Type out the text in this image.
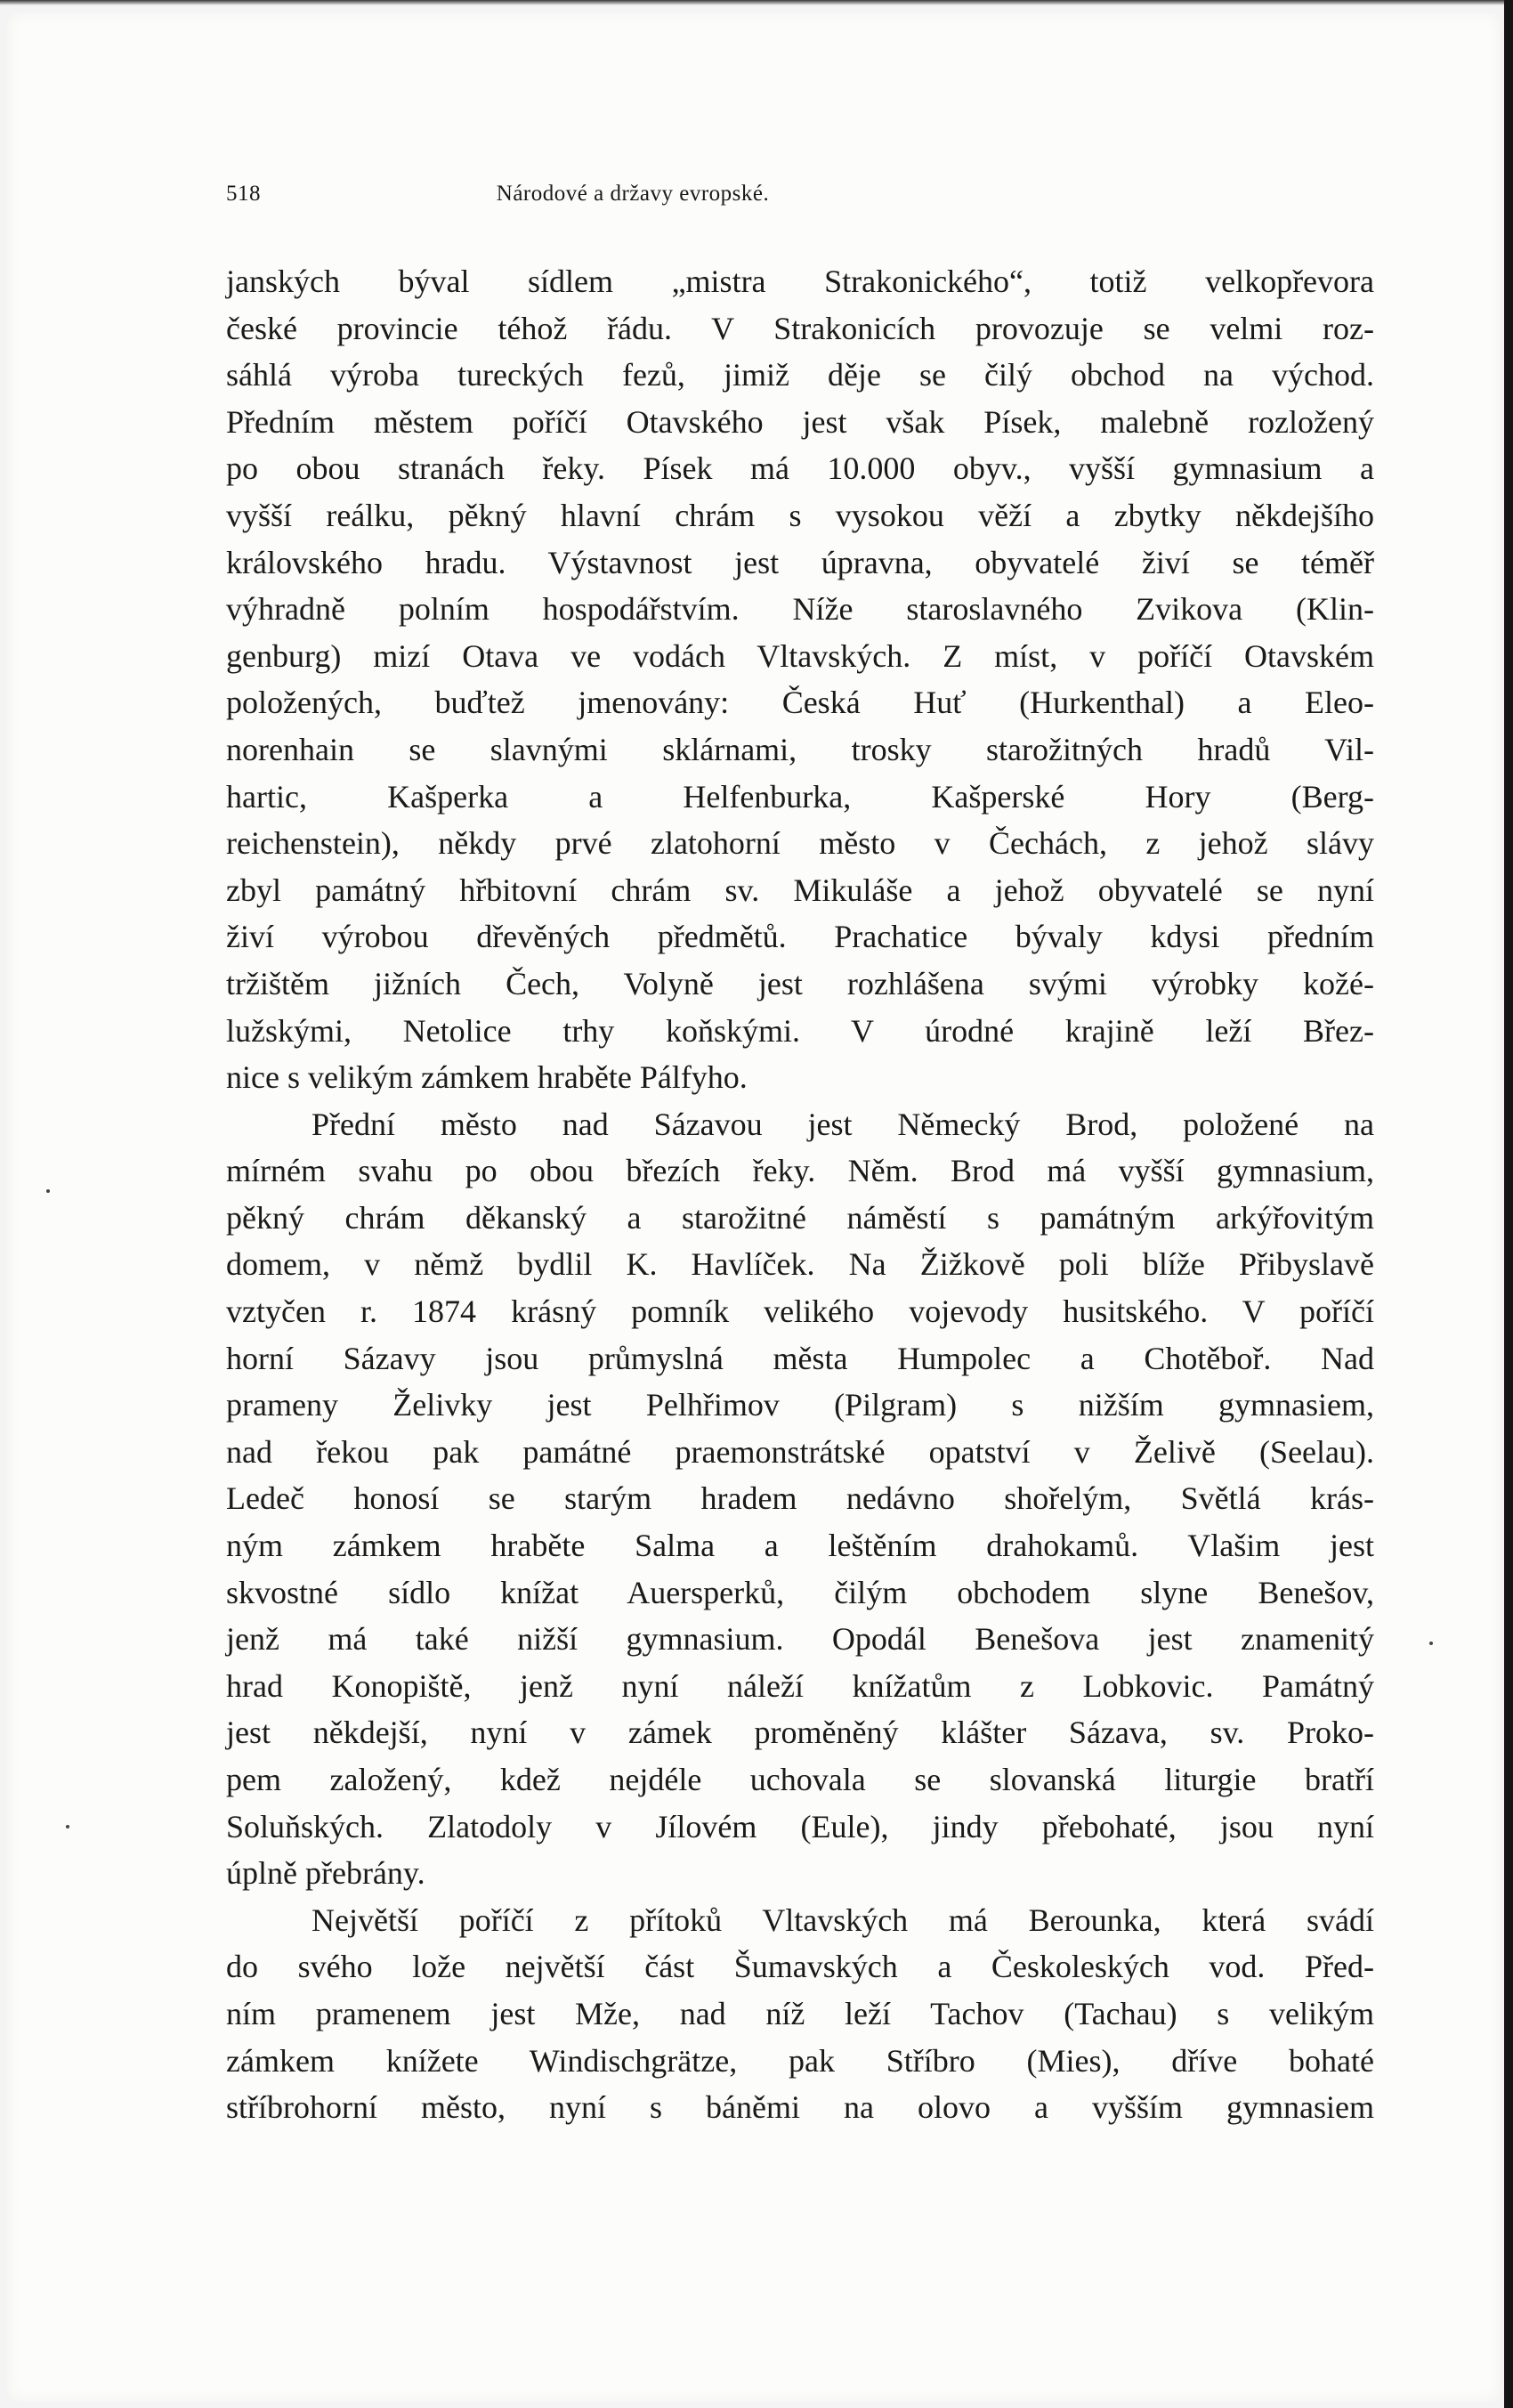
518	Národové a državy evropské.
janských býval sídlem „mistra Strakonického“, totiž velkopřevora
české provincie téhož řádu. V Strakonicích provozuje se velmi roz-
sáhlá výroba tureckých fezů, jimiž děje se čilý obchod na východ.
Předním městem poříčí Otavského jest však Písek, malebně rozložený
po obou stranách řeky. Písek má 10.000 obyv., vyšší gymnasium a
vyšší reálku, pěkný hlavní chrám s vysokou věží a zbytky někdejšího
královského hradu. Výstavnost jest úpravna, obyvatelé živí se téměř
výhradně polním hospodářstvím. Níže staroslavného Zvikova (Klin-
genburg) mizí Otava ve vodách Vltavských. Z míst, v poříčí Otavském
položených, buďtež jmenovány: Česká Huť (Hurkenthal) a Eleo-
norenhain se slavnými sklárnami, trosky starožitných hradů Vil-
hartic, Kašperka a Helfenburka, Kašperské Hory (Berg-
reichenstein), někdy prvé zlatohorní město v Čechách, z jehož slávy
zbyl památný hřbitovní chrám sv. Mikuláše a jehož obyvatelé se nyní
živí výrobou dřevěných předmětů. Prachatice bývaly kdysi předním
tržištěm jižních Čech, Volyně jest rozhlášena svými výrobky kožé-
lužskými, Netolice trhy koňskými. V úrodné krajině leží Břez-
nice s velikým zámkem hraběte Pálfyho.
Přední město nad Sázavou jest Německý Brod, položené na
mírném svahu po obou březích řeky. Něm. Brod má vyšší gymnasium,
pěkný chrám děkanský a starožitné náměstí s památným arkýřovitým
domem, v němž bydlil K. Havlíček. Na Žižkově poli blíže Přibyslavě
vztyčen r. 1874 krásný pomník velikého vojevody husitského. V poříčí
horní Sázavy jsou průmyslná města Humpolec a Chotěboř. Nad
prameny Želivky jest Pelhřimov (Pilgram) s nižším gymnasiem,
nad řekou pak památné praemonstrátské opatství v Želivě (Seelau).
Ledeč honosí se starým hradem nedávno shořelým, Světlá krás-
ným zámkem hraběte Salma a leštěním drahokamů. Vlašim jest
skvostné sídlo knížat Auersperků, čilým obchodem slyne Benešov,
jenž má také nižší gymnasium. Opodál Benešova jest znamenitý
hrad Konopiště, jenž nyní náleží knížatům z Lobkovic. Památný
jest někdejší, nyní v zámek proměněný klášter Sázava, sv. Proko-
pem založený, kdež nejdéle uchovala se slovanská liturgie bratří
Soluňských. Zlatodoly v Jílovém (Eule), jindy přebohaté, jsou nyní
úplně přebrány.
Největší poříčí z přítoků Vltavských má Berounka, která svádí
do svého lože největší část Šumavských a Českoleských vod. Před-
ním pramenem jest Mže, nad níž leží Tachov (Tachau) s velikým
zámkem knížete Windischgrätze, pak Stříbro (Mies), dříve bohaté
stříbrohorní město, nyní s báněmi na olovo a vyšším gymnasiem
